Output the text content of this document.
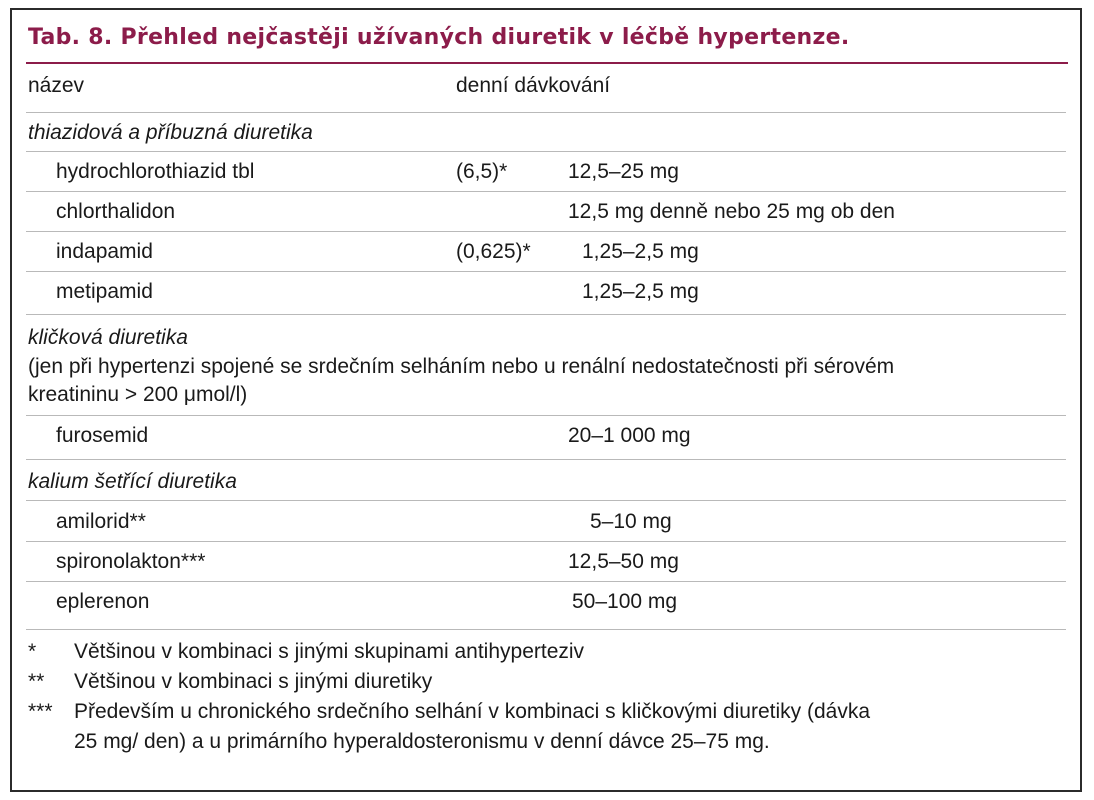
Tab. 8. Přehled nejčastěji užívaných diuretik v léčbě hypertenze.
název	denní dávkování
thiazidová a příbuzná diuretika
hydrochlorothiazid tbl	(6,5)*	12,5–25 mg
chlorthalidon	12,5 mg denně nebo 25 mg ob den
indapamid	(0,625)* 1,25–2,5 mg
metipamid	1,25–2,5 mg
kličková diuretika
(jen při hypertenzi spojené se srdečním selháním nebo u renální nedostatečnosti při sérovém
kreatininu > 200 μmol/l)
furosemid	20–1 000 mg
kalium šetřící diuretika
amilorid**	5–10 mg
spironolakton***	12,5–50 mg
eplerenon	50–100 mg
* Většinou v kombinaci s jinými skupinami antihyperteziv
** Většinou v kombinaci s jinými diuretiky
*** Především u chronického srdečního selhání v kombinaci s kličkovými diuretiky (dávka
25 mg/ den) a u primárního hyperaldosteronismu v denní dávce 25–75 mg.
